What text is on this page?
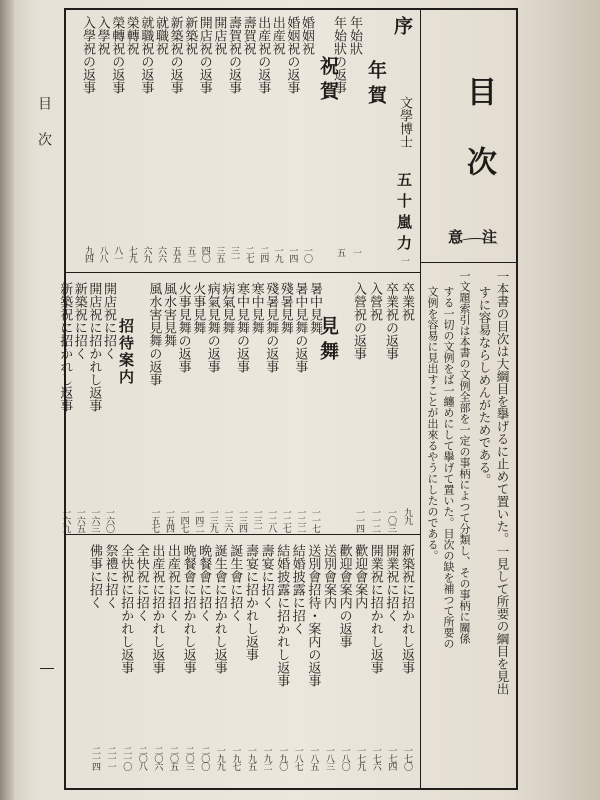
目次	目次
注
意
一本書の目次は大綱目を擧げるに止めて置いた。一見して所要の綱目を見出
すに容易ならしめんがためである。
一文題索引は本書の文例全部を一定の事柄によつて分類し、その事柄に關係
する一切の文例をば一纏めにして擧げて置いた。目次の缺を補つて所要の
文例を容易に見出すことが出來るやうにしたのである。
序
文學博士
五十嵐力
一
年賀
年始狀
一
年始狀の返事
五
祝賀
見舞
招待案内
婚姻祝
一〇
婚姻祝の返事
一四
出産祝
一九
出産祝の返事
二四
壽賀祝
二七
壽賀祝の返事
三一
開店祝
三五
開店祝の返事
四〇
新築祝
五二
新築祝の返事
五五
就職祝
六六
就職祝の返事
六九
榮轉祝
七九
榮轉祝の返事
八一
入學祝
八八
入學祝の返事
九四
卒業祝
九九
卒業祝の返事
一〇三
入營祝
一一二
入營祝の返事
一一四
暑中見舞
一一七
暑中見舞の返事
一二二
殘暑見舞
一二七
殘暑見舞の返事
一二八
寒中見舞
一三一
寒中見舞の返事
一三四
病氣見舞
一三六
病氣見舞の返事
一三九
火事見舞
一四二
火事見舞の返事
一四七
風水害見舞
一五四
風水害見舞の返事
一五七
開店祝に招く
一六〇
開店祝に招かれし返事
一六三
新築祝に招く
一六五
新築祝に招かれし返事
一六九
新築祝に招かれし返事
一七〇
開業祝に招く
一七四
開業祝に招かれし返事
一七六
歡迎會案内
一七九
歡迎會案内の返事
一八〇
送別會案内
一八三
送別會招待・案内の返事
一八五
結婚披露に招く
一八七
結婚披露に招かれし返事
一九〇
壽宴に招く
一九二
壽宴に招かれし返事
一九五
誕生會に招く
一九七
誕生會に招かれし返事
一九九
晩餐會に招く
二〇〇
晩餐會に招かれし返事
二〇三
出産祝に招く
二〇五
出産祝に招かれし返事
二〇六
全快祝に招く
二〇八
全快祝に招かれし返事
二一〇
祭禮に招く
二一一
佛事に招く
二一四
